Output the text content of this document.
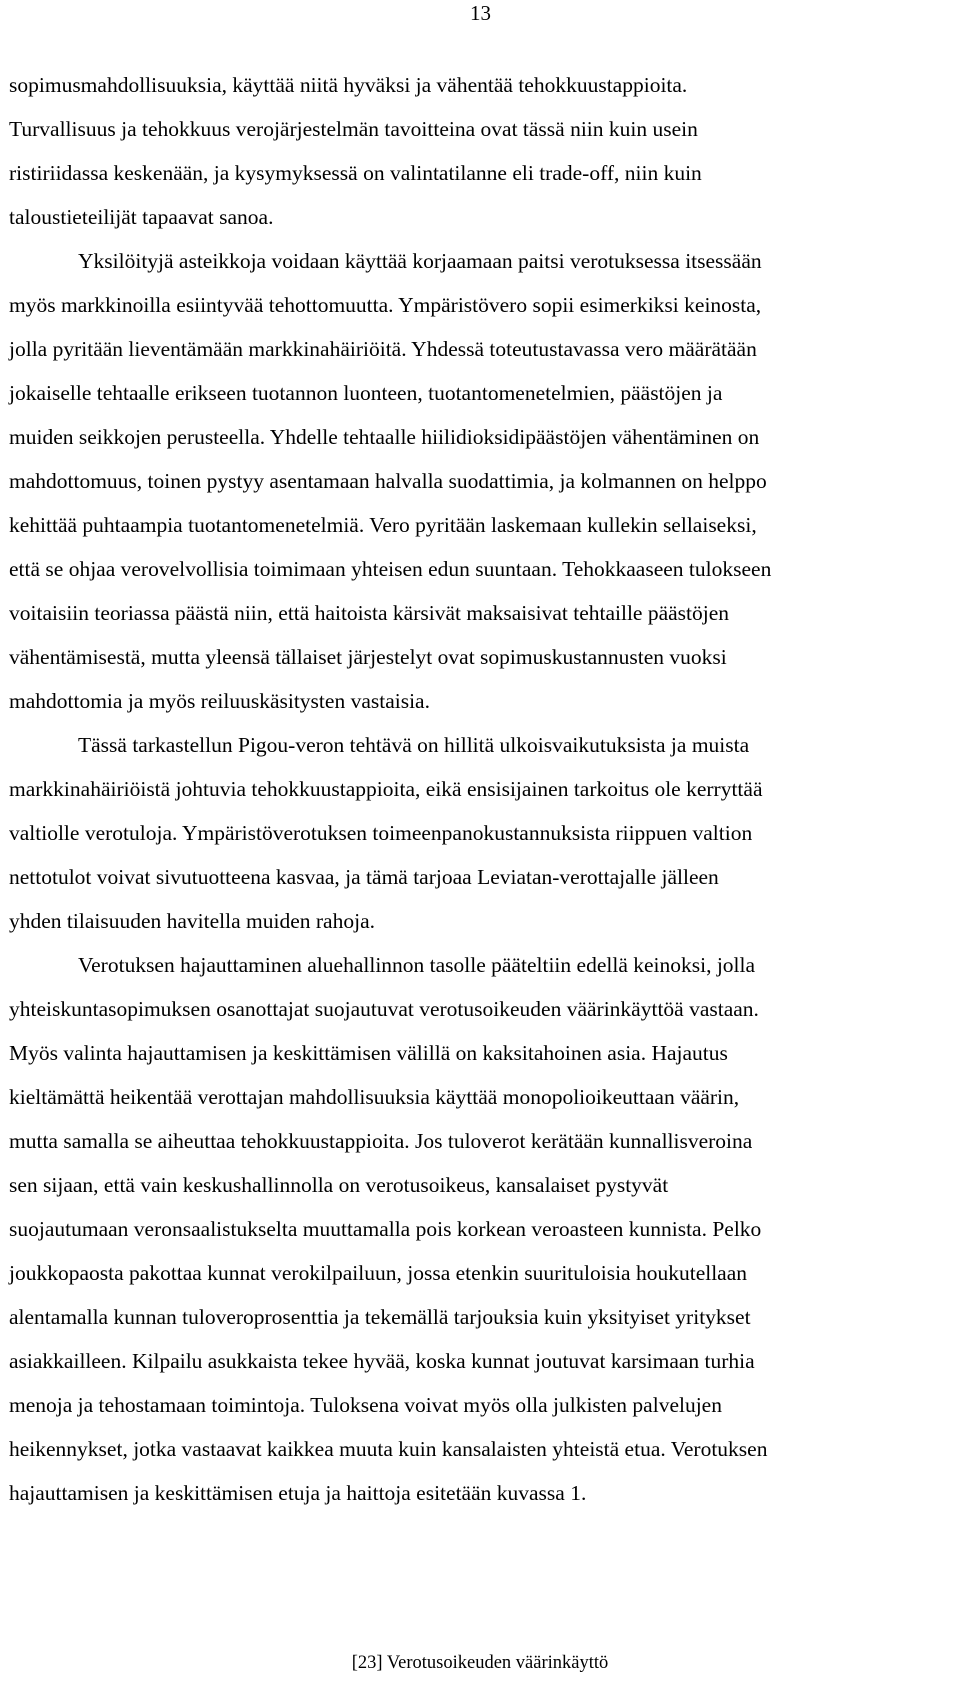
13
sopimusmahdollisuuksia, käyttää niitä hyväksi ja vähentää tehokkuustappioita.
Turvallisuus ja tehokkuus verojärjestelmän tavoitteina ovat tässä niin kuin usein
ristiriidassa keskenään, ja kysymyksessä on valintatilanne eli trade-off, niin kuin
taloustieteilijät tapaavat sanoa.
Yksilöityjä asteikkoja voidaan käyttää korjaamaan paitsi verotuksessa itsessään
myös markkinoilla esiintyvää tehottomuutta. Ympäristövero sopii esimerkiksi keinosta,
jolla pyritään lieventämään markkinahäiriöitä. Yhdessä toteutustavassa vero määrätään
jokaiselle tehtaalle erikseen tuotannon luonteen, tuotantomenetelmien, päästöjen ja
muiden seikkojen perusteella. Yhdelle tehtaalle hiilidioksidipäästöjen vähentäminen on
mahdottomuus, toinen pystyy asentamaan halvalla suodattimia, ja kolmannen on helppo
kehittää puhtaampia tuotantomenetelmiä. Vero pyritään laskemaan kullekin sellaiseksi,
että se ohjaa verovelvollisia toimimaan yhteisen edun suuntaan. Tehokkaaseen tulokseen
voitaisiin teoriassa päästä niin, että haitoista kärsivät maksaisivat tehtaille päästöjen
vähentämisestä, mutta yleensä tällaiset järjestelyt ovat sopimuskustannusten vuoksi
mahdottomia ja myös reiluuskäsitysten vastaisia.
Tässä tarkastellun Pigou-veron tehtävä on hillitä ulkoisvaikutuksista ja muista
markkinahäiriöistä johtuvia tehokkuustappioita, eikä ensisijainen tarkoitus ole kerryttää
valtiolle verotuloja. Ympäristöverotuksen toimeenpanokustannuksista riippuen valtion
nettotulot voivat sivutuotteena kasvaa, ja tämä tarjoaa Leviatan-verottajalle jälleen
yhden tilaisuuden havitella muiden rahoja.
Verotuksen hajauttaminen aluehallinnon tasolle pääteltiin edellä keinoksi, jolla
yhteiskuntasopimuksen osanottajat suojautuvat verotusoikeuden väärinkäyttöä vastaan.
Myös valinta hajauttamisen ja keskittämisen välillä on kaksitahoinen asia. Hajautus
kieltämättä heikentää verottajan mahdollisuuksia käyttää monopolioikeuttaan väärin,
mutta samalla se aiheuttaa tehokkuustappioita. Jos tuloverot kerätään kunnallisveroina
sen sijaan, että vain keskushallinnolla on verotusoikeus, kansalaiset pystyvät
suojautumaan veronsaalistukselta muuttamalla pois korkean veroasteen kunnista. Pelko
joukkopaosta pakottaa kunnat verokilpailuun, jossa etenkin suurituloisia houkutellaan
alentamalla kunnan tuloveroprosenttia ja tekemällä tarjouksia kuin yksityiset yritykset
asiakkailleen. Kilpailu asukkaista tekee hyvää, koska kunnat joutuvat karsimaan turhia
menoja ja tehostamaan toimintoja. Tuloksena voivat myös olla julkisten palvelujen
heikennykset, jotka vastaavat kaikkea muuta kuin kansalaisten yhteistä etua. Verotuksen
hajauttamisen ja keskittämisen etuja ja haittoja esitetään kuvassa 1.
[23] Verotusoikeuden väärinkäyttö
